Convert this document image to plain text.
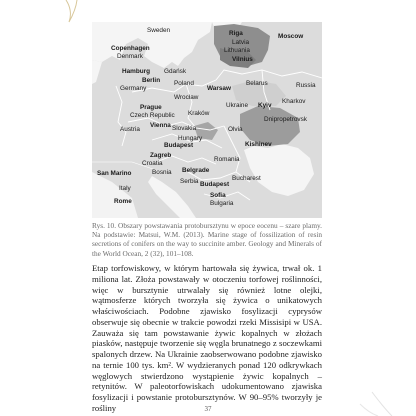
Riga
Latvia
Moscow
Lithuania
Sweden
Copenhagen
Denmark	Vilnius
Hamburg Gdańsk
Berlin
Germany
Poland
Warsaw
Belarus	Russia
Wrocław
Ukraine Kyiv
Kharkov
Prague
Czech Republic Kraków
Vienna
Austria	Slovakia	Olvia
Dnipropetrovsk
Hungary
Budapest	Kishinev
Zagreb
Croatia
Romania
Bosnia Belgrade
San Marino
Serbia	Bucharest
Italy
Rome
Sofia
Bulgaria
Budapest
Rys. 10. Obszary powstawania protobursztynu w epoce eocenu – szare plamy. Na podstawie: Matsui, W.M. (2013). Marine stage of fossilization of resin secretions of conifers on the way to succinite amber. Geology and Minerals of the World Ocean, 2 (32), 101–108.
Etap torfowiskowy, w którym hartowała się żywica, trwał ok. 1 miliona lat. Złoża powstawały w otoczeniu torfowej roślinności, więc w bursztynie utrwalały się również lotne olejki, wątmosferze których tworzyła się żywica o unikatowych właściwościach. Podobne zjawisko fosylizacji cyprysów obserwuje się obecnie w trakcie powodzi rzeki Missisipi w USA. Zauważa się tam powstawanie żywic kopalnych w złożach piasków, następuje tworzenie się węgla brunatnego z soczewkami spalonych drzew. Na Ukrainie zaobserwowano podobne zjawisko na ternie 100 tys. km². W wydzieranych ponad 120 odkrywkach węglowych stwierdzono wystąpienie żywic kopalnych – retynitów. W paleotorfowiskach udokumentowano zjawiska fosylizacji i powstanie protobursztynów. W 90–95% tworzyły je rośliny	37
